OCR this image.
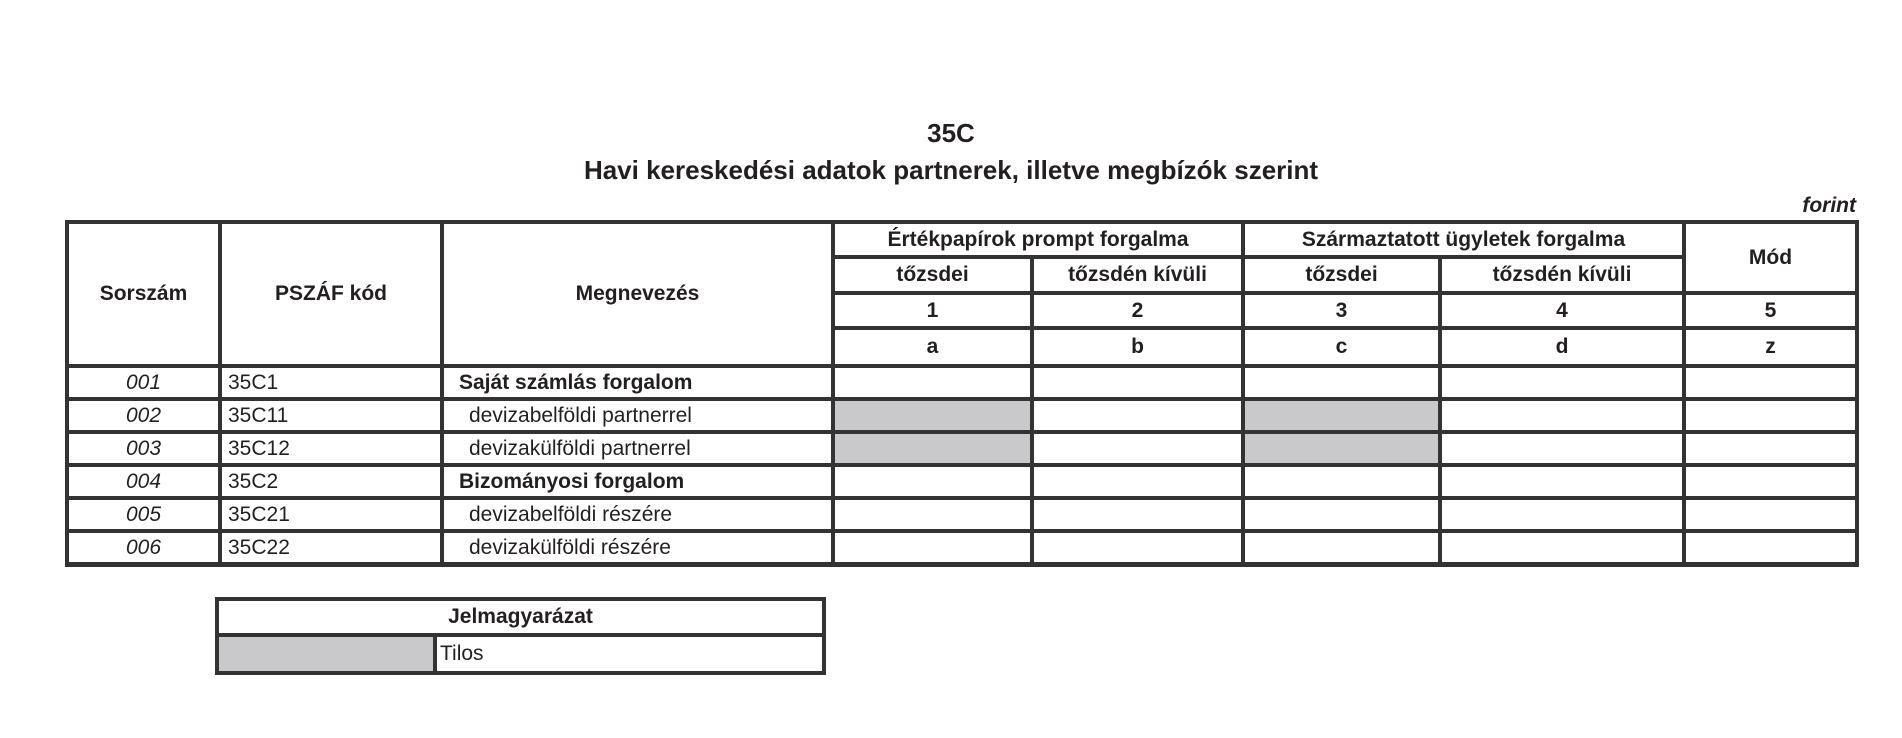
35C
Havi kereskedési adatok partnerek, illetve megbízók szerint
forint
Sorszám	PSZÁF kód	Megnevezés
Értékpapírok prompt forgalma	Származtatott ügyletek forgalma
Mód
tőzsdei	tőzsdén kívüli	tőzsdei	tőzsdén kívüli
1	2	3	4	5
a	b	c	d	z
001	35C1	Saját számlás forgalom
002	35C11	devizabelföldi partnerrel
003	35C12	devizakülföldi partnerrel
004	35C2	Bizományosi forgalom
005	35C21	devizabelföldi részére
006	35C22	devizakülföldi részére
Jelmagyarázat
Tilos
